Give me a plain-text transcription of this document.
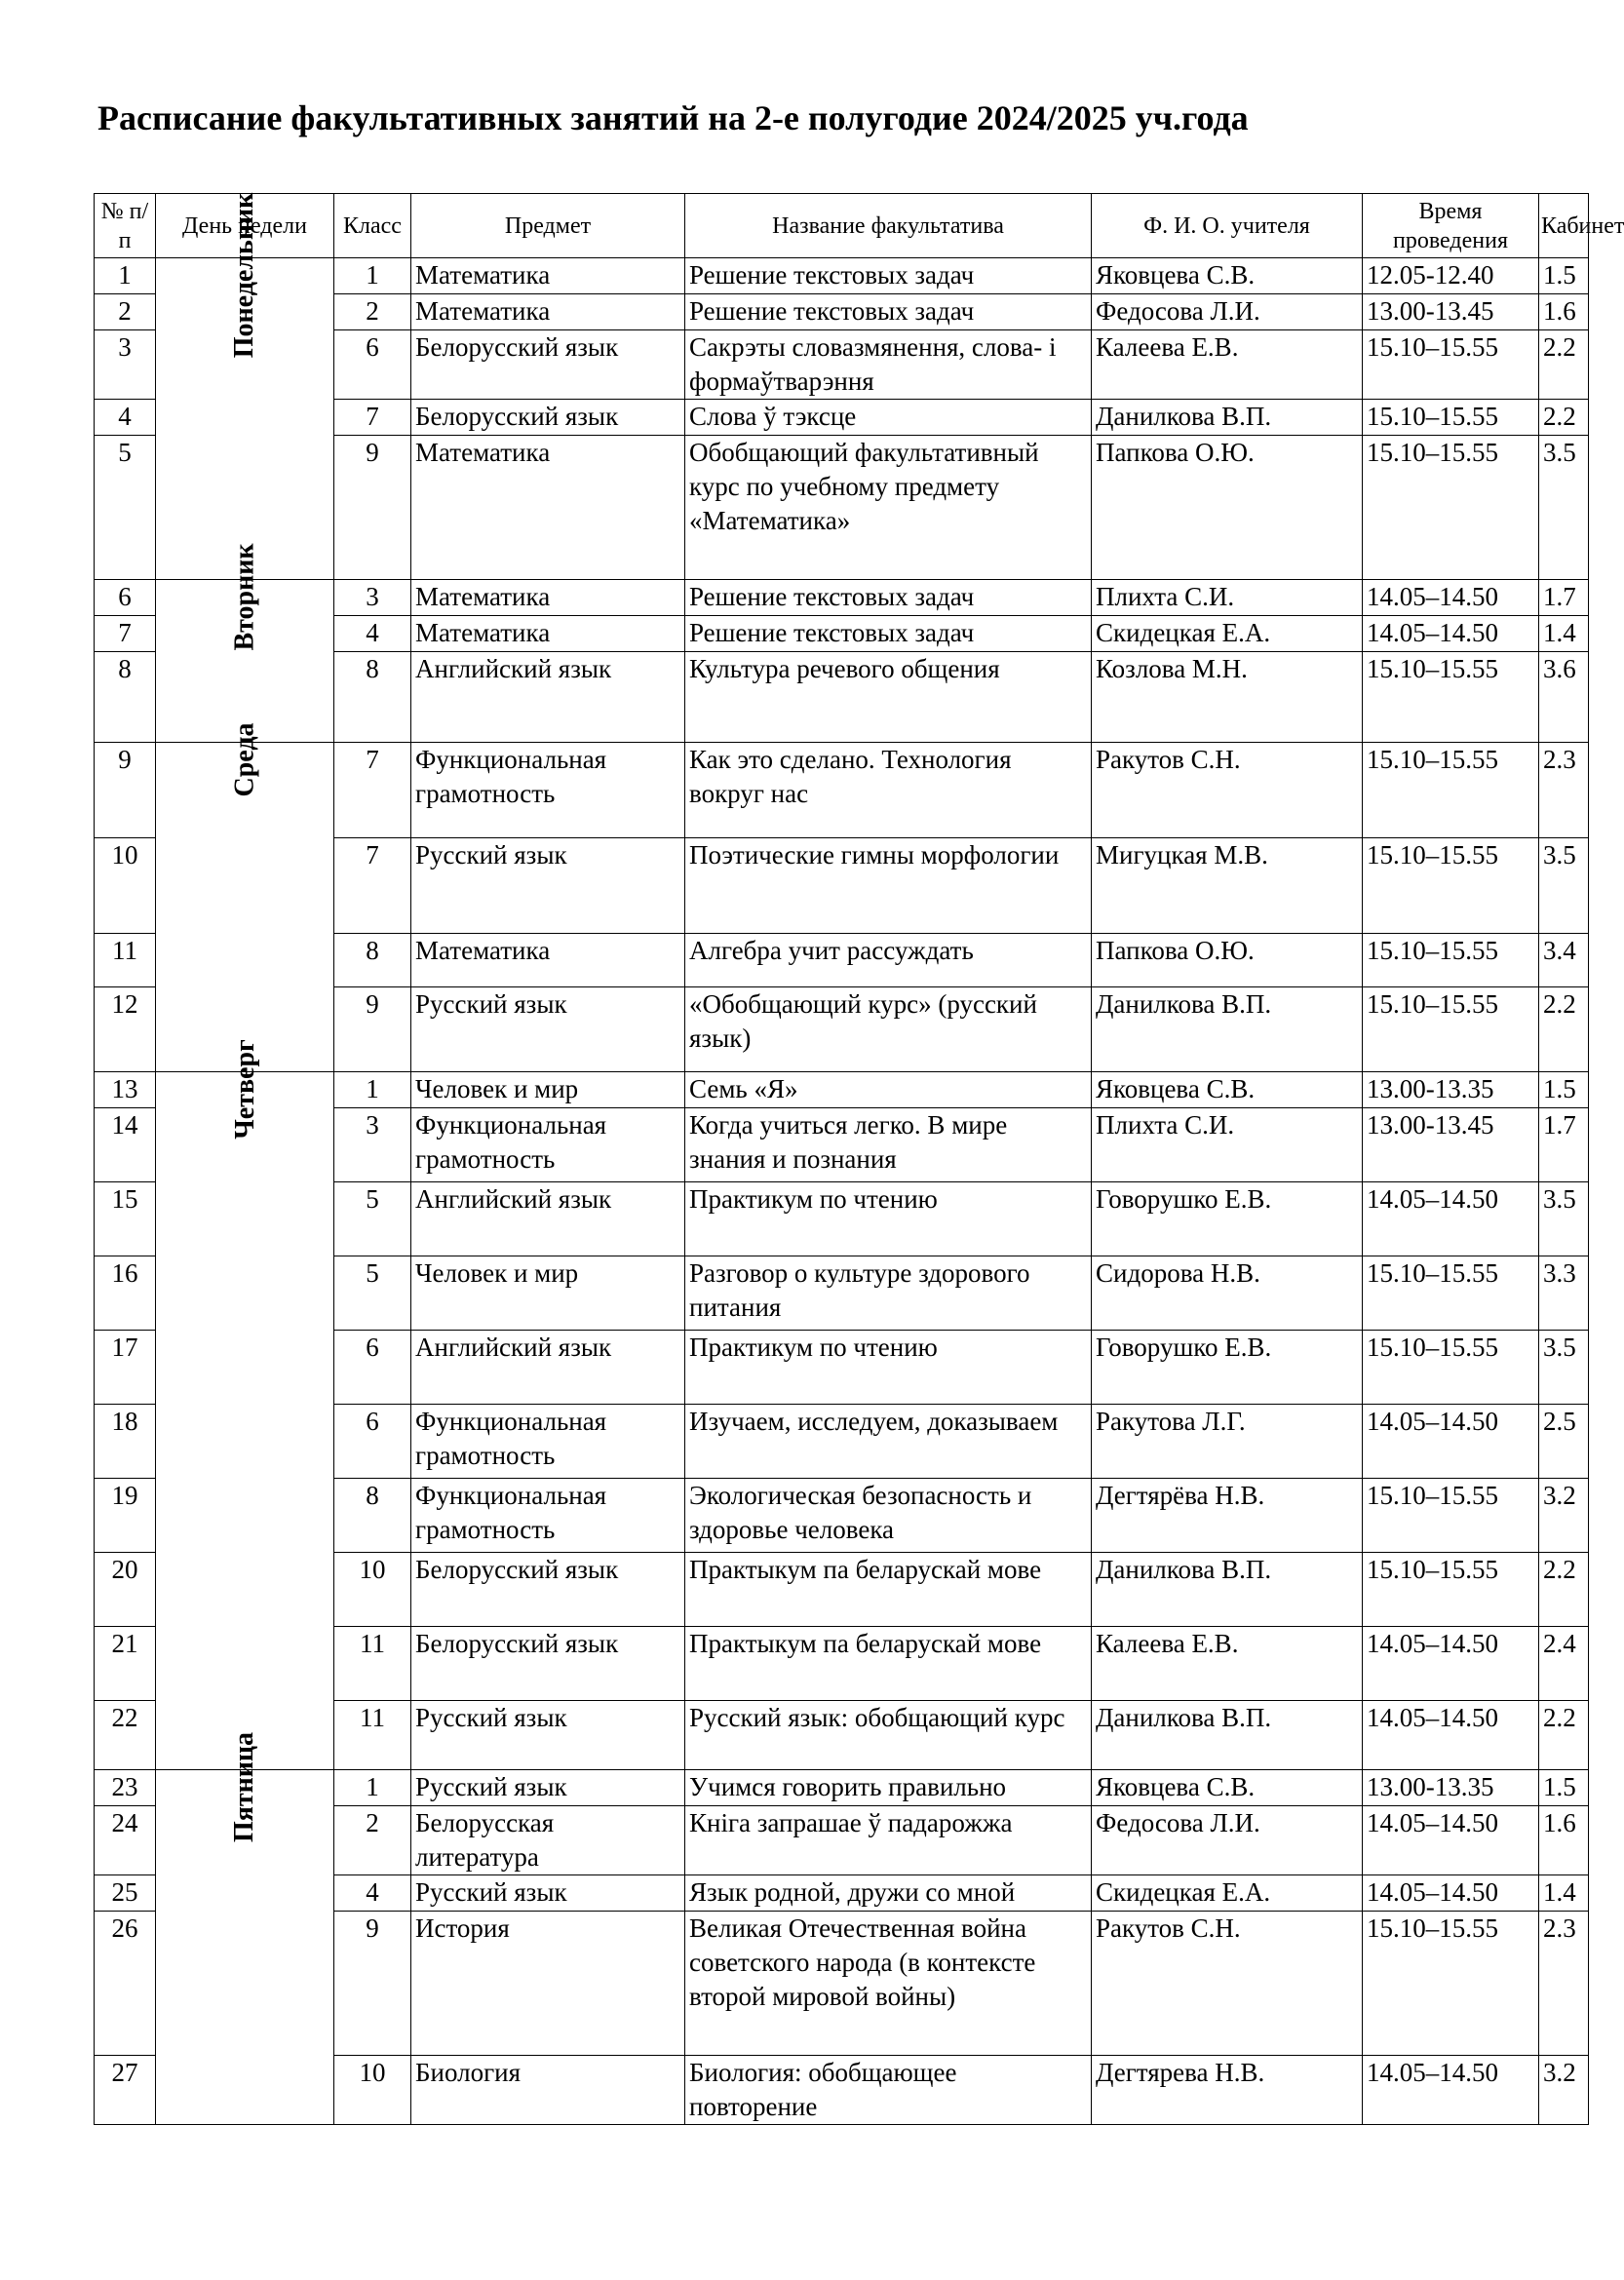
Расписание факультативных занятий на 2-е полугодие 2024/2025 уч.года
№ п/п	День недели	Класс	Предмет	Название факультатива	Ф. И. О. учителя	Время проведения	Кабинет
1	Понедельник	1	Математика	Решение текстовых задач	Яковцева С.В.	12.05-12.40	1.5
2		2	Математика	Решение текстовых задач	Федосова Л.И.	13.00-13.45	1.6
3		6	Белорусский язык	Сакрэты словазмянення, слова- і формаўтварэння	Калеева Е.В.	15.10–15.55	2.2
4		7	Белорусский язык	Слова ў тэксце	Данилкова В.П.	15.10–15.55	2.2
5		9	Математика	Обобщающий факультативный курс по учебному предмету «Математика»	Папкова О.Ю.	15.10–15.55	3.5
6	Вторник	3	Математика	Решение текстовых задач	Плихта С.И.	14.05–14.50	1.7
7		4	Математика	Решение текстовых задач	Скидецкая Е.А.	14.05–14.50	1.4
8		8	Английский язык	Культура речевого общения	Козлова М.Н.	15.10–15.55	3.6
9	Среда	7	Функциональная грамотность	Как это сделано. Технология вокруг нас	Ракутов С.Н.	15.10–15.55	2.3
10		7	Русский язык	Поэтические гимны морфологии	Мигуцкая М.В.	15.10–15.55	3.5
11		8	Математика	Алгебра учит рассуждать	Папкова О.Ю.	15.10–15.55	3.4
12		9	Русский язык	«Обобщающий курс» (русский язык)	Данилкова В.П.	15.10–15.55	2.2
13	Четверг	1	Человек и мир	Семь «Я»	Яковцева С.В.	13.00-13.35	1.5
14		3	Функциональная грамотность	Когда учиться легко. В мире знания и познания	Плихта С.И.	13.00-13.45	1.7
15		5	Английский язык	Практикум по чтению	Говорушко Е.В.	14.05–14.50	3.5
16		5	Человек и мир	Разговор о культуре здорового питания	Сидорова Н.В.	15.10–15.55	3.3
17		6	Английский язык	Практикум по чтению	Говорушко Е.В.	15.10–15.55	3.5
18		6	Функциональная грамотность	Изучаем, исследуем, доказываем	Ракутова Л.Г.	14.05–14.50	2.5
19		8	Функциональная грамотность	Экологическая безопасность и здоровье человека	Дегтярёва Н.В.	15.10–15.55	3.2
20		10	Белорусский язык	Практыкум па беларускай мове	Данилкова В.П.	15.10–15.55	2.2
21		11	Белорусский язык	Практыкум па беларускай мове	Калеева Е.В.	14.05–14.50	2.4
22		11	Русский язык	Русский язык: обобщающий курс	Данилкова В.П.	14.05–14.50	2.2
23	Пятница	1	Русский язык	Учимся говорить правильно	Яковцева С.В.	13.00-13.35	1.5
24		2	Белорусская литература	Кніга запрашае ў падарожжа	Федосова Л.И.	14.05–14.50	1.6
25		4	Русский язык	Язык родной, дружи со мной	Скидецкая Е.А.	14.05–14.50	1.4
26		9	История	Великая Отечественная война советского народа (в контексте второй мировой войны)	Ракутов С.Н.	15.10–15.55	2.3
27		10	Биология	Биология: обобщающее повторение	Дегтярева Н.В.	14.05–14.50	3.2
